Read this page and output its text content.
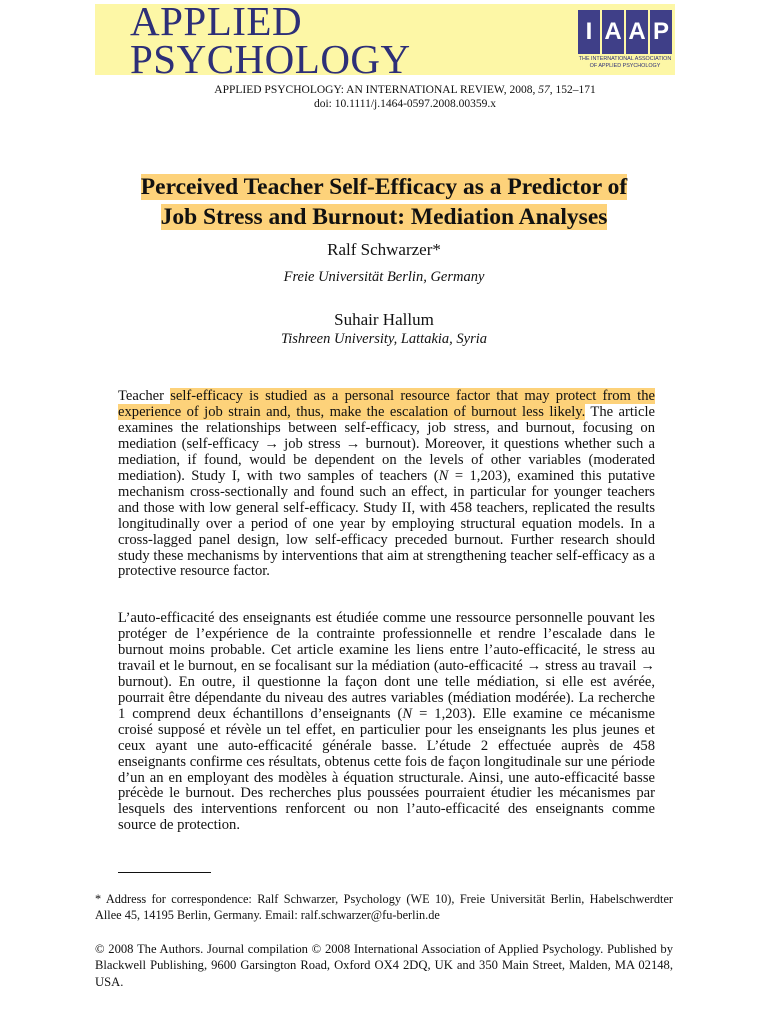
APPLIED
PSYCHOLOGY
I A A P
THE INTERNATIONAL ASSOCIATION OF APPLIED PSYCHOLOGY
APPLIED PSYCHOLOGY: AN INTERNATIONAL REVIEW, 2008, 57, 152–171
doi: 10.1111/j.1464-0597.2008.00359.x
Perceived Teacher Self-Efficacy as a Predictor of
Job Stress and Burnout: Mediation Analyses
Ralf Schwarzer*
Freie Universität Berlin, Germany
Suhair Hallum
Tishreen University, Lattakia, Syria

Teacher self-efficacy is studied as a personal resource factor that may protect from the experience of job strain and, thus, make the escalation of burnout less likely. The article examines the relationships between self-efficacy, job stress, and burnout, focusing on mediation (self-efficacy → job stress → burnout). Moreover, it questions whether such a mediation, if found, would be dependent on the levels of other variables (moderated mediation). Study I, with two samples of teachers (N = 1,203), examined this putative mechanism cross-sectionally and found such an effect, in particular for younger teachers and those with low general self-efficacy. Study II, with 458 teachers, replicated the results longitudinally over a period of one year by employing structural equation models. In a cross-lagged panel design, low self-efficacy preceded burnout. Further research should study these mechanisms by interventions that aim at strengthening teacher self-efficacy as a protective resource factor.

L’auto-efficacité des enseignants est étudiée comme une ressource personnelle pouvant les protéger de l’expérience de la contrainte professionnelle et rendre l’escalade dans le burnout moins probable. Cet article examine les liens entre l’auto-efficacité, le stress au travail et le burnout, en se focalisant sur la médiation (auto-efficacité → stress au travail → burnout). En outre, il questionne la façon dont une telle médiation, si elle est avérée, pourrait être dépendante du niveau des autres variables (médiation modérée). La recherche 1 comprend deux échantillons d’enseignants (N = 1,203). Elle examine ce mécanisme croisé supposé et révèle un tel effet, en particulier pour les enseignants les plus jeunes et ceux ayant une auto-efficacité générale basse. L’étude 2 effectuée auprès de 458 enseignants confirme ces résultats, obtenus cette fois de façon longitudinale sur une période d’un an en employant des modèles à équation structurale. Ainsi, une auto-efficacité basse précède le burnout. Des recherches plus poussées pourraient étudier les mécanismes par lesquels des interventions renforcent ou non l’auto-efficacité des enseignants comme source de protection.

* Address for correspondence: Ralf Schwarzer, Psychology (WE 10), Freie Universität Berlin, Habelschwerdter Allee 45, 14195 Berlin, Germany. Email: ralf.schwarzer@fu-berlin.de

© 2008 The Authors. Journal compilation © 2008 International Association of Applied Psychology. Published by Blackwell Publishing, 9600 Garsington Road, Oxford OX4 2DQ, UK and 350 Main Street, Malden, MA 02148, USA.
